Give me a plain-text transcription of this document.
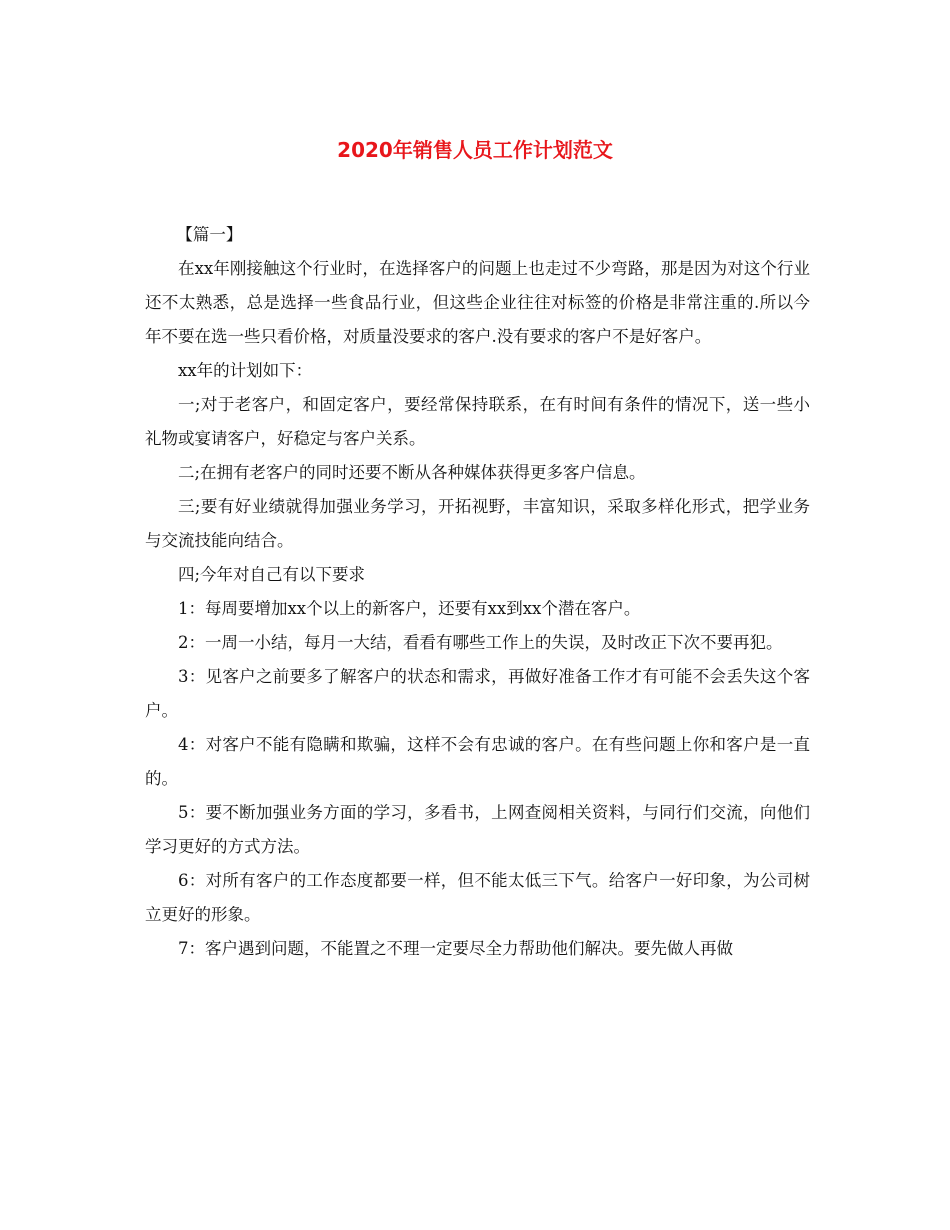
2020年销售人员工作计划范文

【篇一】

在xx年刚接触这个行业时，在选择客户的问题上也走过不少弯路，那是因为对这个行业还不太熟悉，总是选择一些食品行业，但这些企业往往对标签的价格是非常注重的.所以今年不要在选一些只看价格，对质量没要求的客户.没有要求的客户不是好客户。

xx年的计划如下：

一;对于老客户，和固定客户，要经常保持联系，在有时间有条件的情况下，送一些小礼物或宴请客户，好稳定与客户关系。

二;在拥有老客户的同时还要不断从各种媒体获得更多客户信息。

三;要有好业绩就得加强业务学习，开拓视野，丰富知识，采取多样化形式，把学业务与交流技能向结合。

四;今年对自己有以下要求

1：每周要增加xx个以上的新客户，还要有xx到xx个潜在客户。

2：一周一小结，每月一大结，看看有哪些工作上的失误，及时改正下次不要再犯。

3：见客户之前要多了解客户的状态和需求，再做好准备工作才有可能不会丢失这个客户。

4：对客户不能有隐瞒和欺骗，这样不会有忠诚的客户。在有些问题上你和客户是一直的。

5：要不断加强业务方面的学习，多看书，上网查阅相关资料，与同行们交流，向他们学习更好的方式方法。

6：对所有客户的工作态度都要一样，但不能太低三下气。给客户一好印象，为公司树立更好的形象。

7：客户遇到问题，不能置之不理一定要尽全力帮助他们解决。要先做人再做
